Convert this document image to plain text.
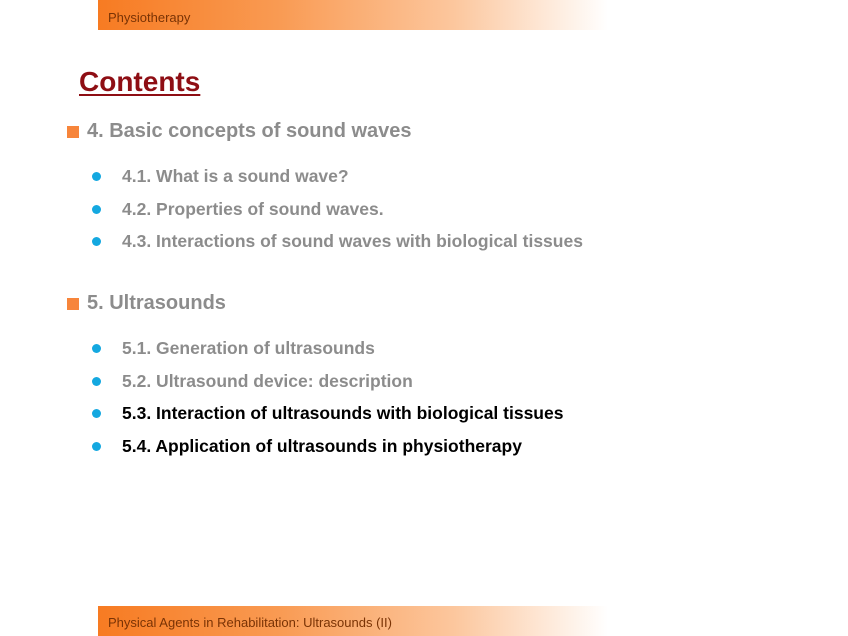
Physiotherapy
Contents
4. Basic concepts of sound waves
4.1. What is a sound wave?
4.2. Properties of sound waves.
4.3. Interactions of sound waves with biological tissues
5. Ultrasounds
5.1. Generation of ultrasounds
5.2. Ultrasound device: description
5.3. Interaction of ultrasounds with biological tissues
5.4. Application of ultrasounds in physiotherapy
Physical Agents in Rehabilitation: Ultrasounds (II)
